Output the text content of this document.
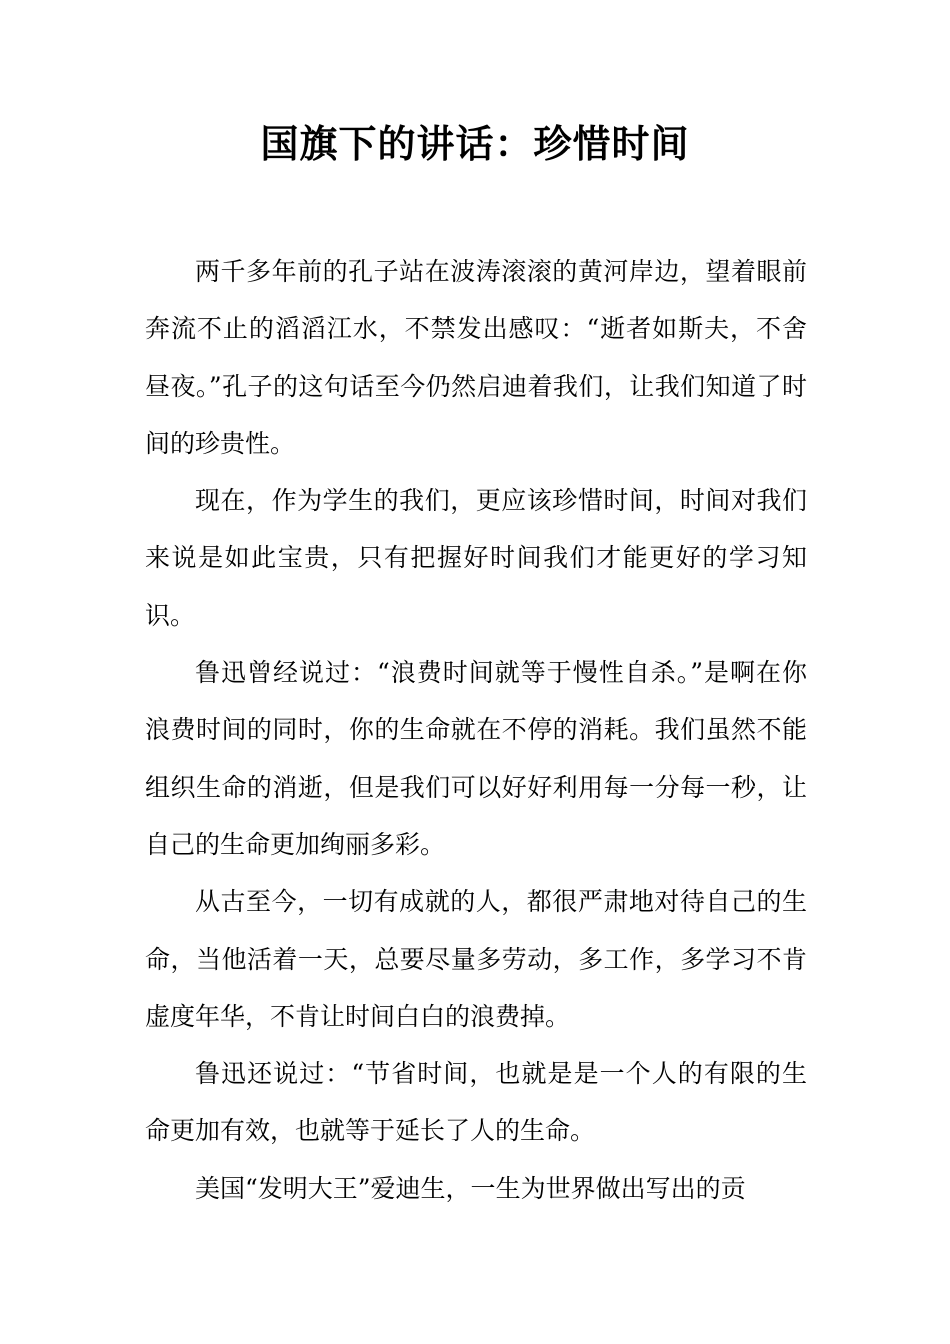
国旗下的讲话：珍惜时间

两千多年前的孔子站在波涛滚滚的黄河岸边，望着眼前奔流不止的滔滔江水，不禁发出感叹：“逝者如斯夫，不舍昼夜。”孔子的这句话至今仍然启迪着我们，让我们知道了时间的珍贵性。

现在，作为学生的我们，更应该珍惜时间，时间对我们来说是如此宝贵，只有把握好时间我们才能更好的学习知识。

鲁迅曾经说过：“浪费时间就等于慢性自杀。”是啊在你浪费时间的同时，你的生命就在不停的消耗。我们虽然不能组织生命的消逝，但是我们可以好好利用每一分每一秒，让自己的生命更加绚丽多彩。

从古至今，一切有成就的人，都很严肃地对待自己的生命，当他活着一天，总要尽量多劳动，多工作，多学习不肯虚度年华，不肯让时间白白的浪费掉。

鲁迅还说过：“节省时间，也就是是一个人的有限的生命更加有效，也就等于延长了人的生命。

美国“发明大王”爱迪生，一生为世界做出写出的贡
